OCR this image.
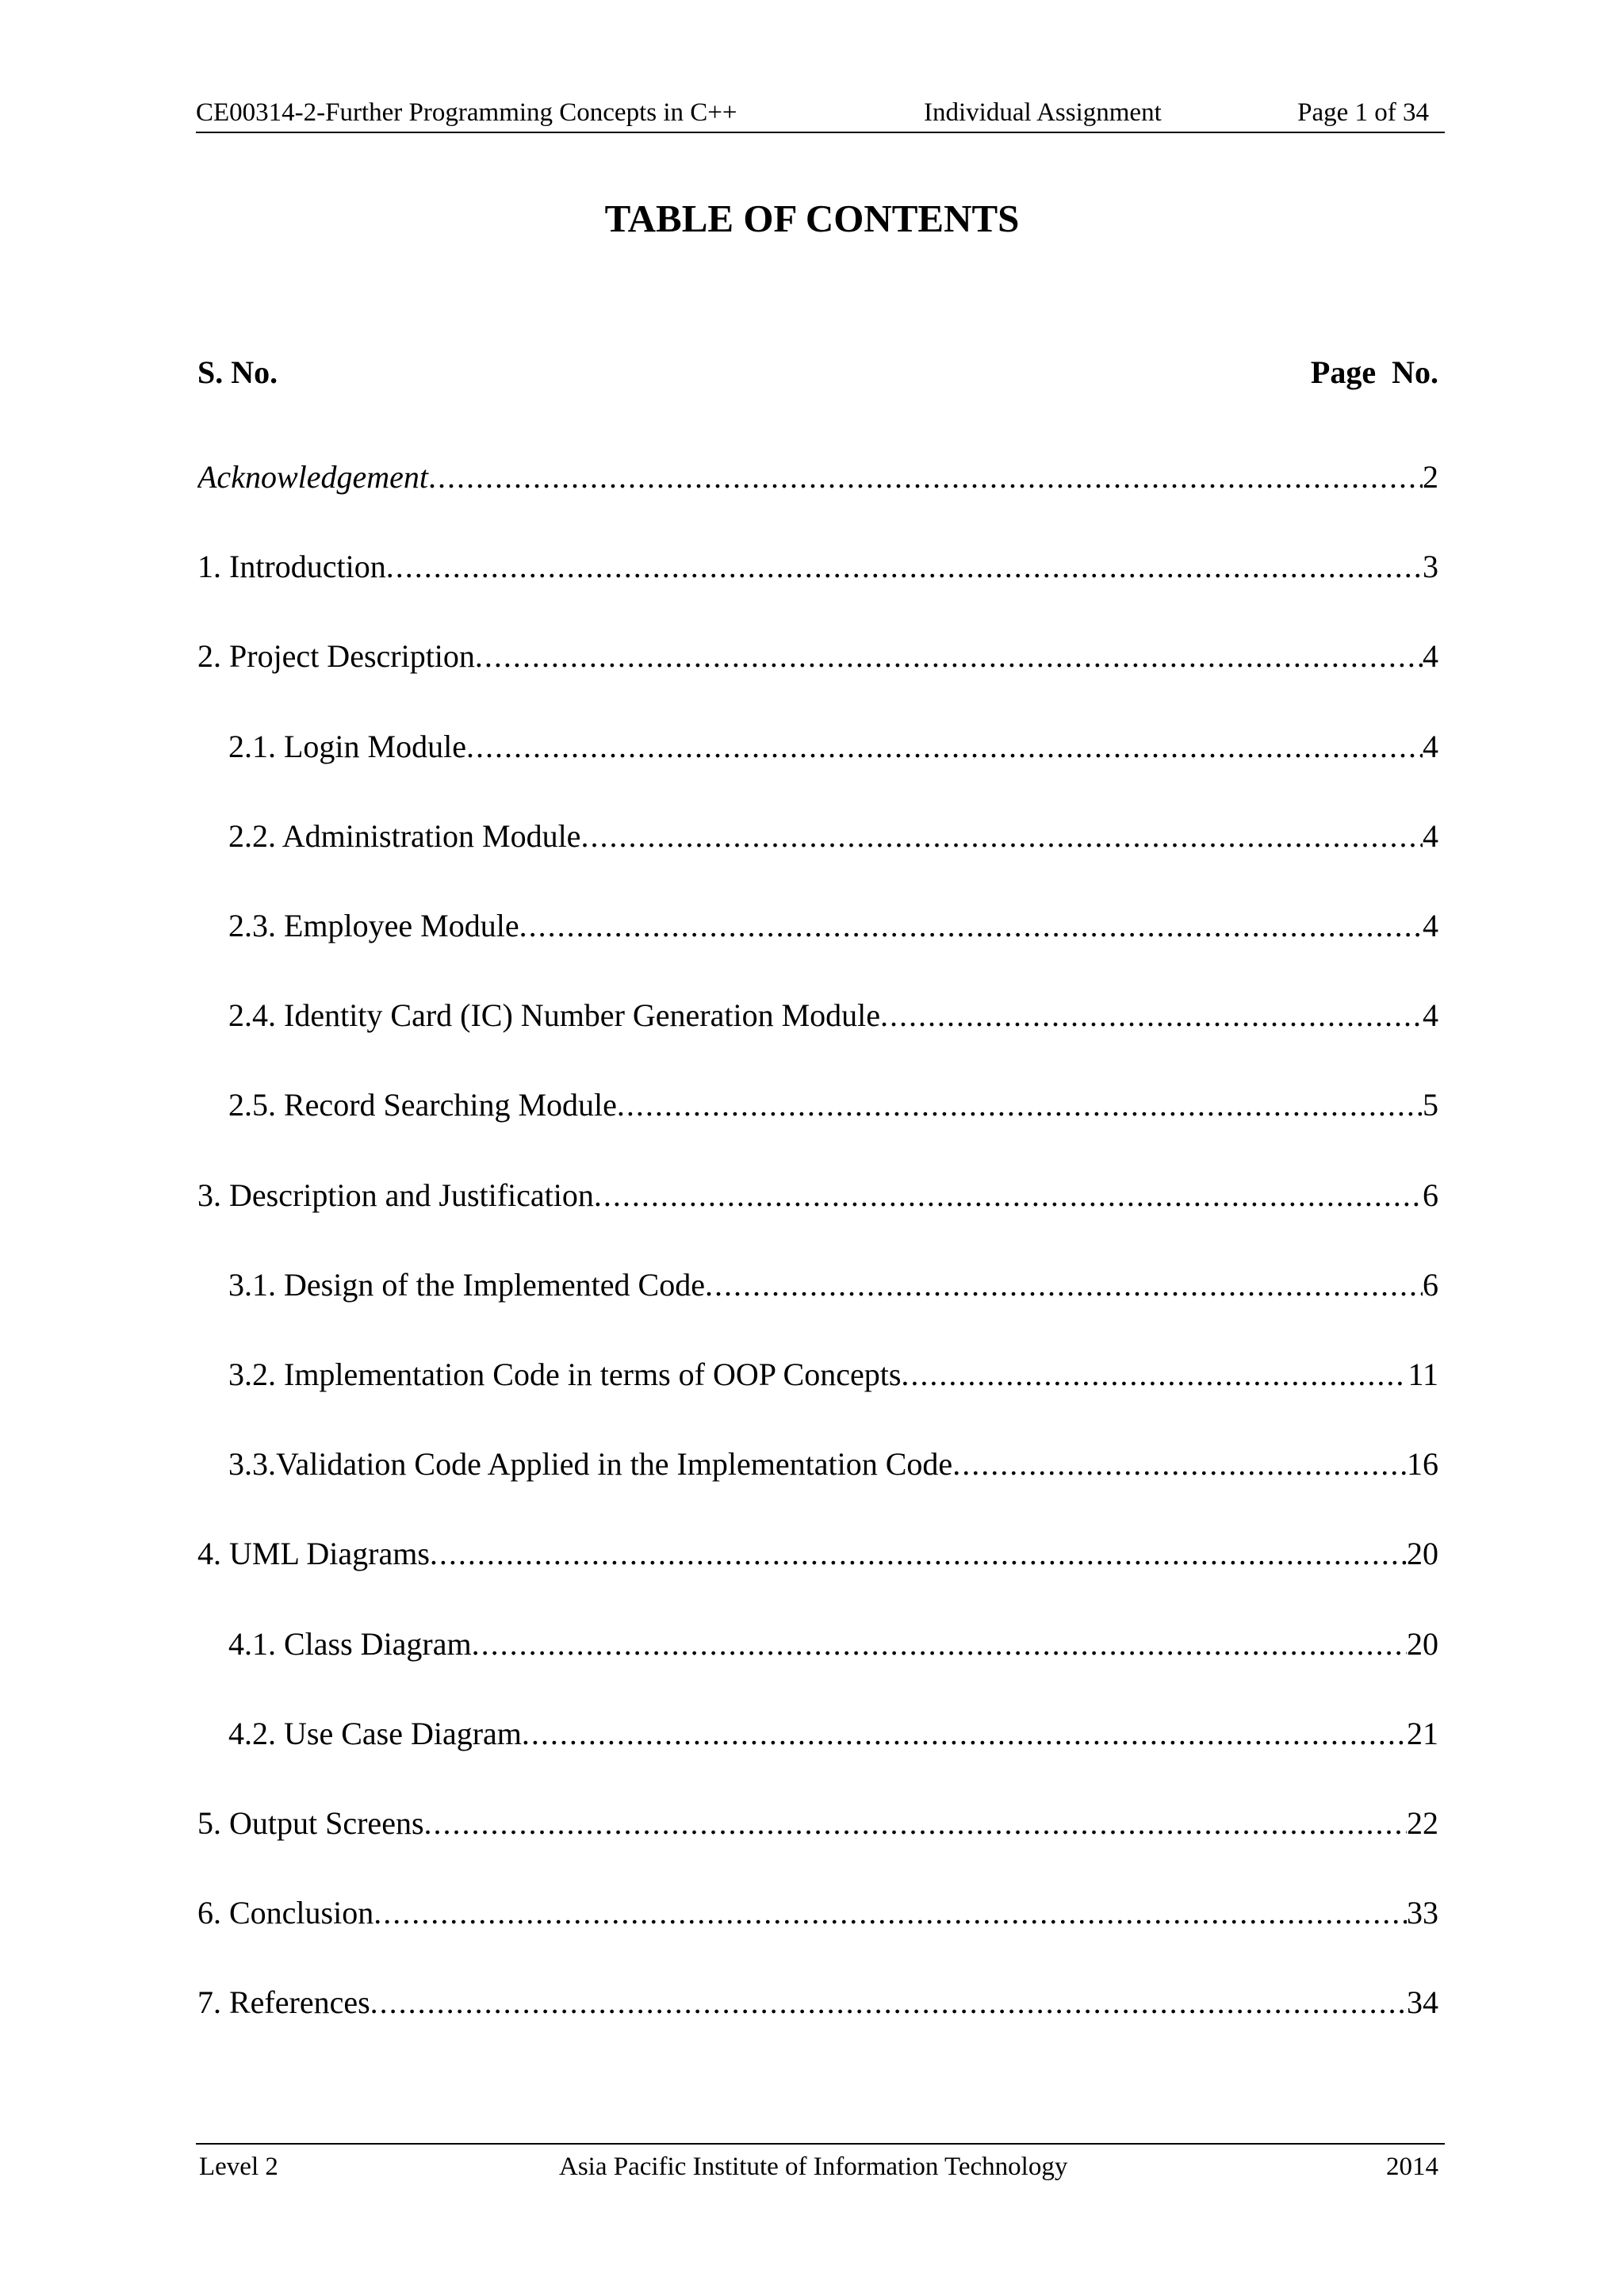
CE00314-2-Further Programming Concepts in C++	Individual Assignment	Page 1 of 34
TABLE OF CONTENTS
S. No.	Page No.
Acknowledgement .....	2
1. Introduction .....	3
2. Project Description .....	4
2.1. Login Module .....	4
2.2. Administration Module .....	4
2.3. Employee Module .....	4
2.4. Identity Card (IC) Number Generation Module .....	4
2.5. Record Searching Module .....	5
3. Description and Justification .....	6
3.1. Design of the Implemented Code .....	6
3.2. Implementation Code in terms of OOP Concepts .....	11
3.3.Validation Code Applied in the Implementation Code .....	16
4. UML Diagrams .....	20
4.1. Class Diagram .....	20
4.2. Use Case Diagram .....	21
5. Output Screens .....	22
6. Conclusion .....	33
7. References .....	34
Level 2	Asia Pacific Institute of Information Technology	2014
